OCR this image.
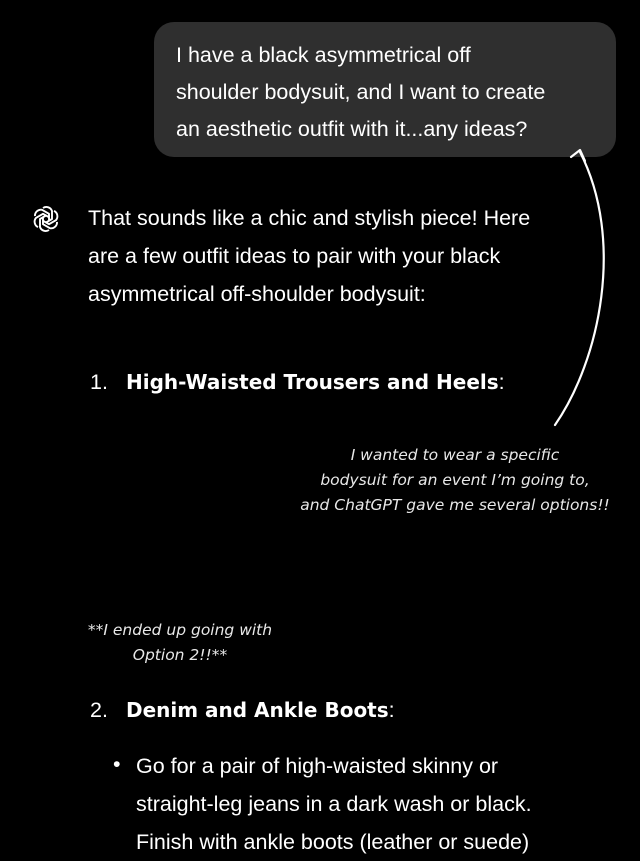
I have a black asymmetrical off
shoulder bodysuit, and I want to create
an aesthetic outfit with it...any ideas?

That sounds like a chic and stylish piece! Here
are a few outfit ideas to pair with your black
asymmetrical off-shoulder bodysuit:

1. High-Waisted Trousers and Heels:
I wanted to wear a specific
bodysuit for an event I’m going to,
and ChatGPT gave me several options!!
**I ended up going with
Option 2!!**
2. Denim and Ankle Boots:
• Go for a pair of high-waisted skinny or
straight-leg jeans in a dark wash or black.
Finish with ankle boots (leather or suede)
